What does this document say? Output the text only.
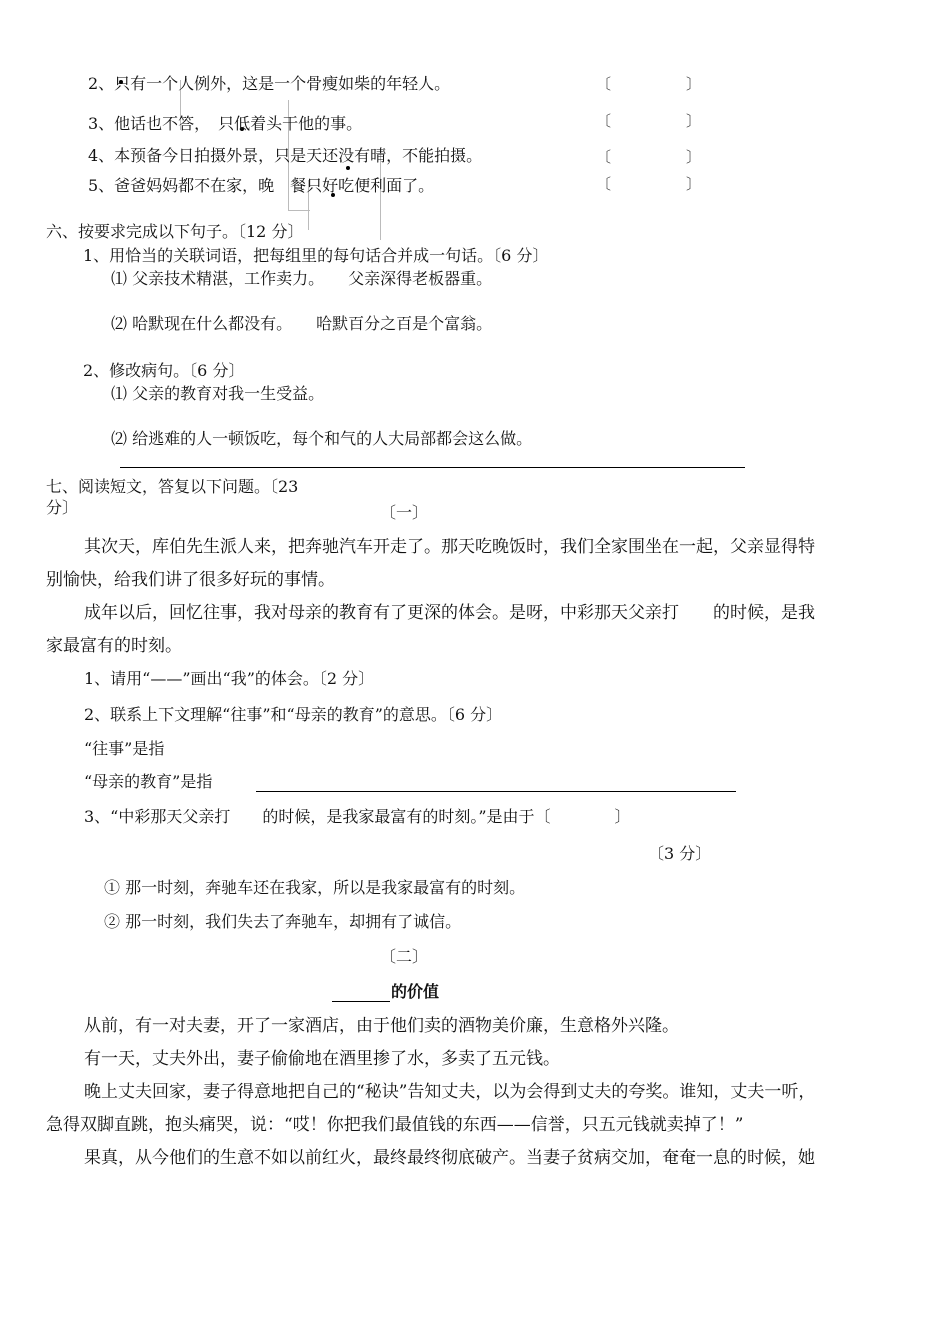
2、只有一个人例外，这是一个骨瘦如柴的年轻人。	〔　　　　　〕
3、他话也不答，　只低着头干他的事。	〔　　　　　〕
4、本预备今日拍摄外景，只是天还没有晴，不能拍摄。	〔　　　　　〕
5、爸爸妈妈都不在家，晚　餐只好吃便利面了。	〔　　　　　〕
六、按要求完成以下句子。〔12 分〕
1、用恰当的关联词语，把每组里的每句话合并成一句话。〔6 分〕
⑴ 父亲技术精湛，工作卖力。　　父亲深得老板器重。
⑵ 哈默现在什么都没有。　　哈默百分之百是个富翁。
2、修改病句。〔6 分〕
⑴ 父亲的教育对我一生受益。
⑵ 给逃难的人一顿饭吃，每个和气的人大局部都会这么做。
七、阅读短文，答复以下问题。〔23
分〕	〔一〕
其次天，库伯先生派人来，把奔驰汽车开走了。那天吃晚饭时，我们全家围坐在一起，父亲显得特
别愉快，给我们讲了很多好玩的事情。
成年以后，回忆往事，我对母亲的教育有了更深的体会。是呀，中彩那天父亲打　　的时候，是我
家最富有的时刻。
1、请用“——”画出“我”的体会。〔2 分〕
2、联系上下文理解“往事”和“母亲的教育”的意思。〔6 分〕
“往事”是指
“母亲的教育”是指
3、“中彩那天父亲打　　的时候，是我家最富有的时刻。”是由于〔　　　　〕
〔3 分〕
① 那一时刻，奔驰车还在我家，所以是我家最富有的时刻。
② 那一时刻，我们失去了奔驰车，却拥有了诚信。
〔二〕
的价值
从前，有一对夫妻，开了一家酒店，由于他们卖的酒物美价廉，生意格外兴隆。
有一天，丈夫外出，妻子偷偷地在酒里掺了水，多卖了五元钱。
晚上丈夫回家，妻子得意地把自己的“秘诀”告知丈夫，以为会得到丈夫的夸奖。谁知，丈夫一听，
急得双脚直跳，抱头痛哭，说：“哎！你把我们最值钱的东西——信誉，只五元钱就卖掉了！”
果真，从今他们的生意不如以前红火，最终最终彻底破产。当妻子贫病交加，奄奄一息的时候，她
